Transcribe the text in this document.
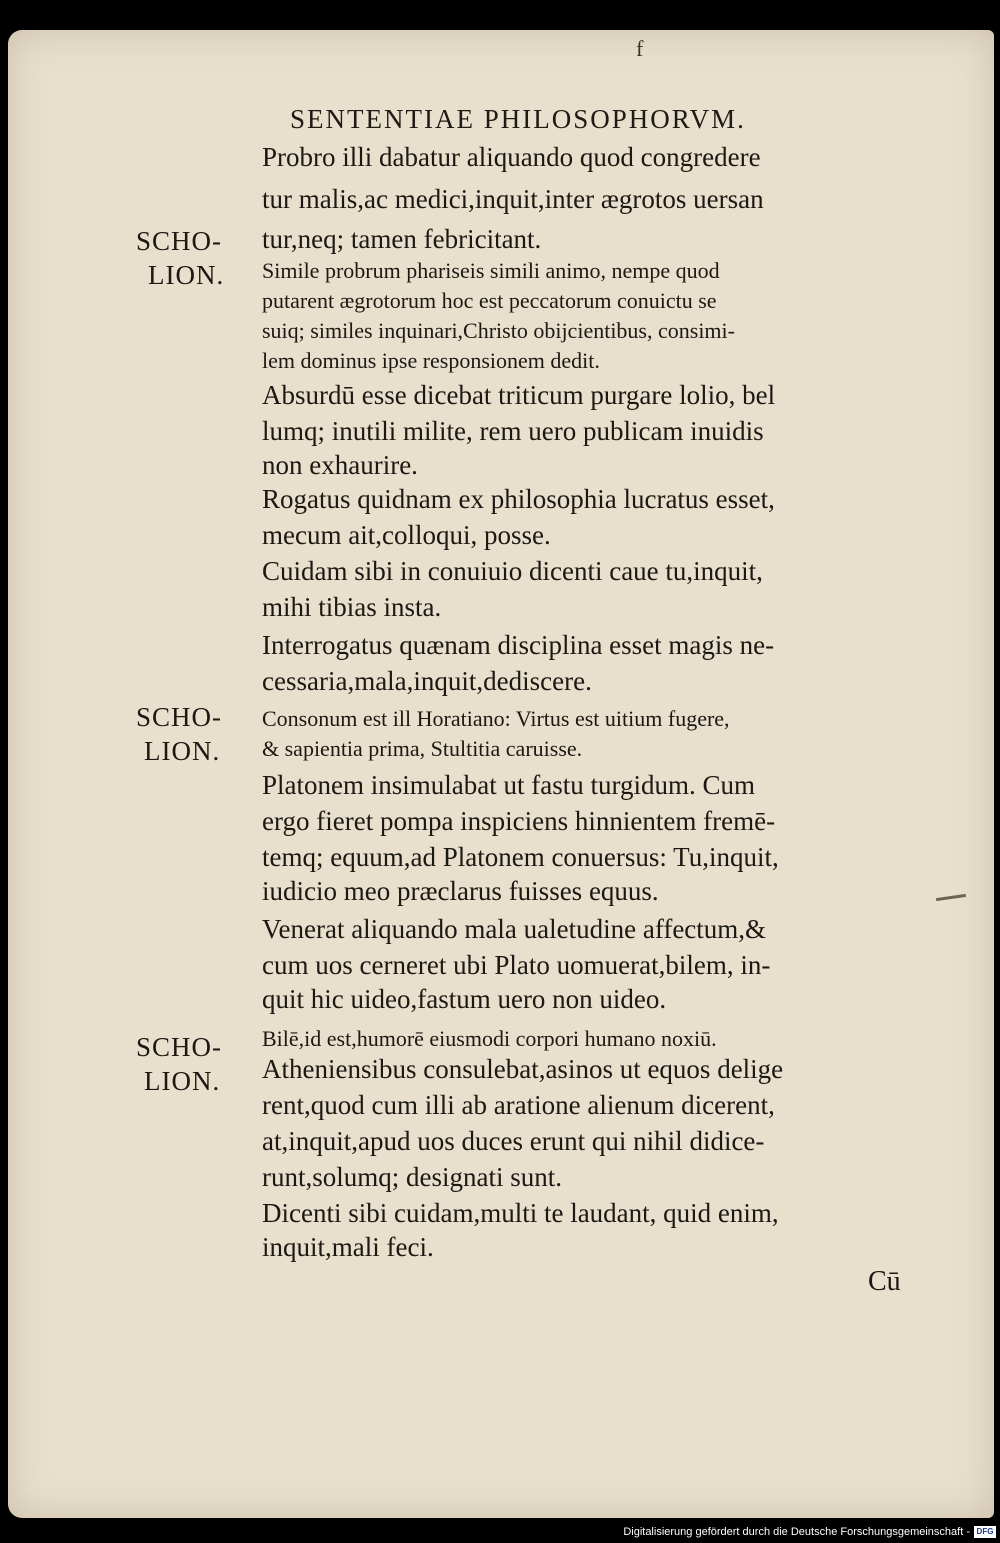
f
SENTENTIAE PHILOSOPHORVM.
SCHO-
LION.
SCHO-
LION.
SCHO-
LION.
Probro illi dabatur aliquando quod congredere
tur malis,ac medici,inquit,inter ægrotos uersan
tur,neq; tamen febricitant.
Simile probrum phariseis simili animo, nempe quod
putarent ægrotorum hoc est peccatorum conuictu se
suiq; similes inquinari,Christo obijcientibus, consimi-
lem dominus ipse responsionem dedit.
Absurdū esse dicebat triticum purgare lolio, bel
lumq; inutili milite, rem uero publicam inuidis
non exhaurire.
Rogatus quidnam ex philosophia lucratus esset,
mecum ait,colloqui, posse.
Cuidam sibi in conuiuio dicenti caue tu,inquit,
mihi tibias insta.
Interrogatus quænam disciplina esset magis ne-
cessaria,mala,inquit,dediscere.
Consonum est ill Horatiano: Virtus est uitium fugere,
& sapientia prima, Stultitia caruisse.
Platonem insimulabat ut fastu turgidum. Cum
ergo fieret pompa inspiciens hinnientem fremē-
temq; equum,ad Platonem conuersus: Tu,inquit,
iudicio meo præclarus fuisses equus.
Venerat aliquando mala ualetudine affectum,&
cum uos cerneret ubi Plato uomuerat,bilem, in-
quit hic uideo,fastum uero non uideo.
Bilē,id est,humorē eiusmodi corpori humano noxiū.
Atheniensibus consulebat,asinos ut equos delige
rent,quod cum illi ab aratione alienum dicerent,
at,inquit,apud uos duces erunt qui nihil didice-
runt,solumq; designati sunt.
Dicenti sibi cuidam,multi te laudant, quid enim,
inquit,mali feci.
Cū
Digitalisierung gefördert durch die Deutsche Forschungsgemeinschaft - DFG
